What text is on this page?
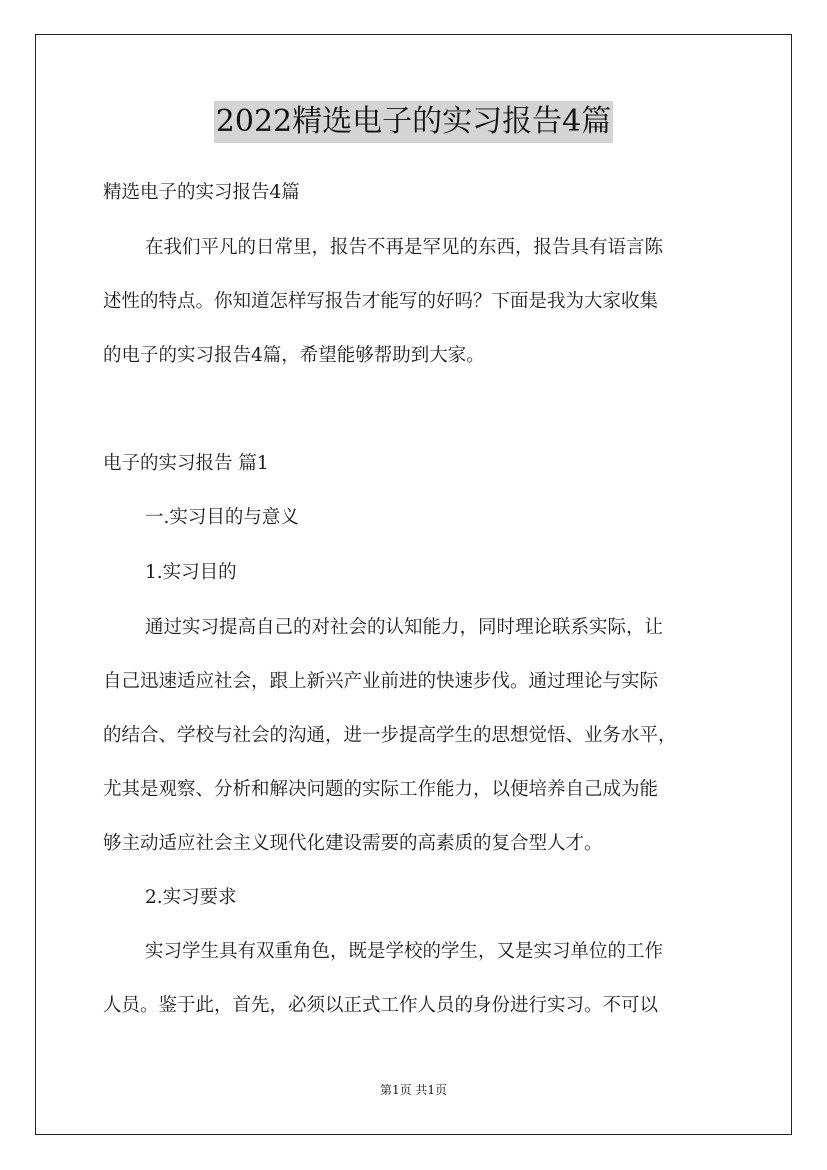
2022精选电子的实习报告4篇
精选电子的实习报告4篇
在我们平凡的日常里，报告不再是罕见的东西，报告具有语言陈
述性的特点。你知道怎样写报告才能写的好吗？下面是我为大家收集
的电子的实习报告4篇，希望能够帮助到大家。
电子的实习报告 篇1
一.实习目的与意义
1.实习目的
通过实习提高自己的对社会的认知能力，同时理论联系实际，让
自己迅速适应社会，跟上新兴产业前进的快速步伐。通过理论与实际
的结合、学校与社会的沟通，进一步提高学生的思想觉悟、业务水平，
尤其是观察、分析和解决问题的实际工作能力，以便培养自己成为能
够主动适应社会主义现代化建设需要的高素质的复合型人才。
2.实习要求
实习学生具有双重角色，既是学校的学生，又是实习单位的工作
人员。鉴于此，首先，必须以正式工作人员的身份进行实习。不可以
第1页 共1页
